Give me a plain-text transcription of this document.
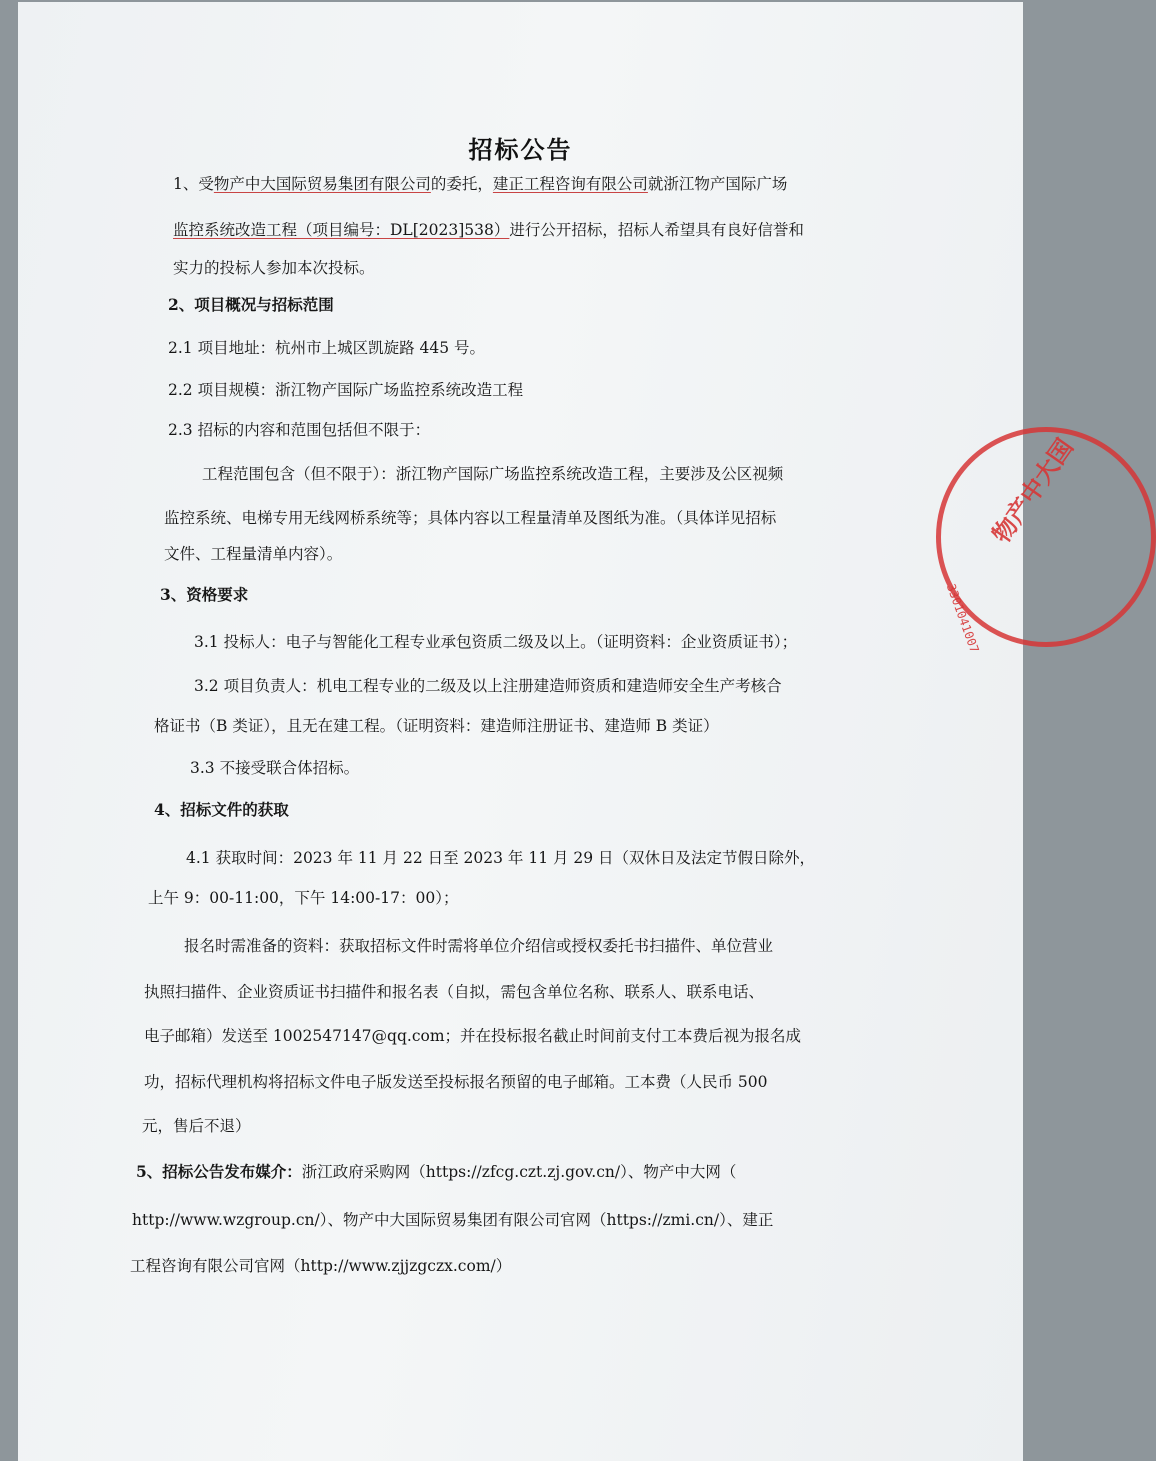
招标公告
1、受物产中大国际贸易集团有限公司的委托，建正工程咨询有限公司就浙江物产国际广场
监控系统改造工程（项目编号：DL[2023]538）进行公开招标，招标人希望具有良好信誉和
实力的投标人参加本次投标。
2、项目概况与招标范围
2.1 项目地址：杭州市上城区凯旋路 445 号。
2.2 项目规模：浙江物产国际广场监控系统改造工程
2.3 招标的内容和范围包括但不限于：
工程范围包含（但不限于）：浙江物产国际广场监控系统改造工程，主要涉及公区视频
监控系统、电梯专用无线网桥系统等；具体内容以工程量清单及图纸为准。（具体详见招标
文件、工程量清单内容）。
3、资格要求
3.1 投标人：电子与智能化工程专业承包资质二级及以上。（证明资料：企业资质证书）；
3.2 项目负责人：机电工程专业的二级及以上注册建造师资质和建造师安全生产考核合
格证书（B 类证），且无在建工程。（证明资料：建造师注册证书、建造师 B 类证）
3.3 不接受联合体招标。
4、招标文件的获取
4.1 获取时间：2023 年 11 月 22 日至 2023 年 11 月 29 日（双休日及法定节假日除外，
上午 9：00-11:00，下午 14:00-17：00）；
报名时需准备的资料：获取招标文件时需将单位介绍信或授权委托书扫描件、单位营业
执照扫描件、企业资质证书扫描件和报名表（自拟，需包含单位名称、联系人、联系电话、
电子邮箱）发送至 1002547147@qq.com；并在投标报名截止时间前支付工本费后视为报名成
功，招标代理机构将招标文件电子版发送至投标报名预留的电子邮箱。工本费（人民币 500
元，售后不退）
5、招标公告发布媒介：浙江政府采购网（https://zfcg.czt.zj.gov.cn/）、物产中大网（
http://www.wzgroup.cn/）、物产中大国际贸易集团有限公司官网（https://zmi.cn/）、建正
工程咨询有限公司官网（http://www.zjjzgczx.com/）
物产中大国
3301041007
